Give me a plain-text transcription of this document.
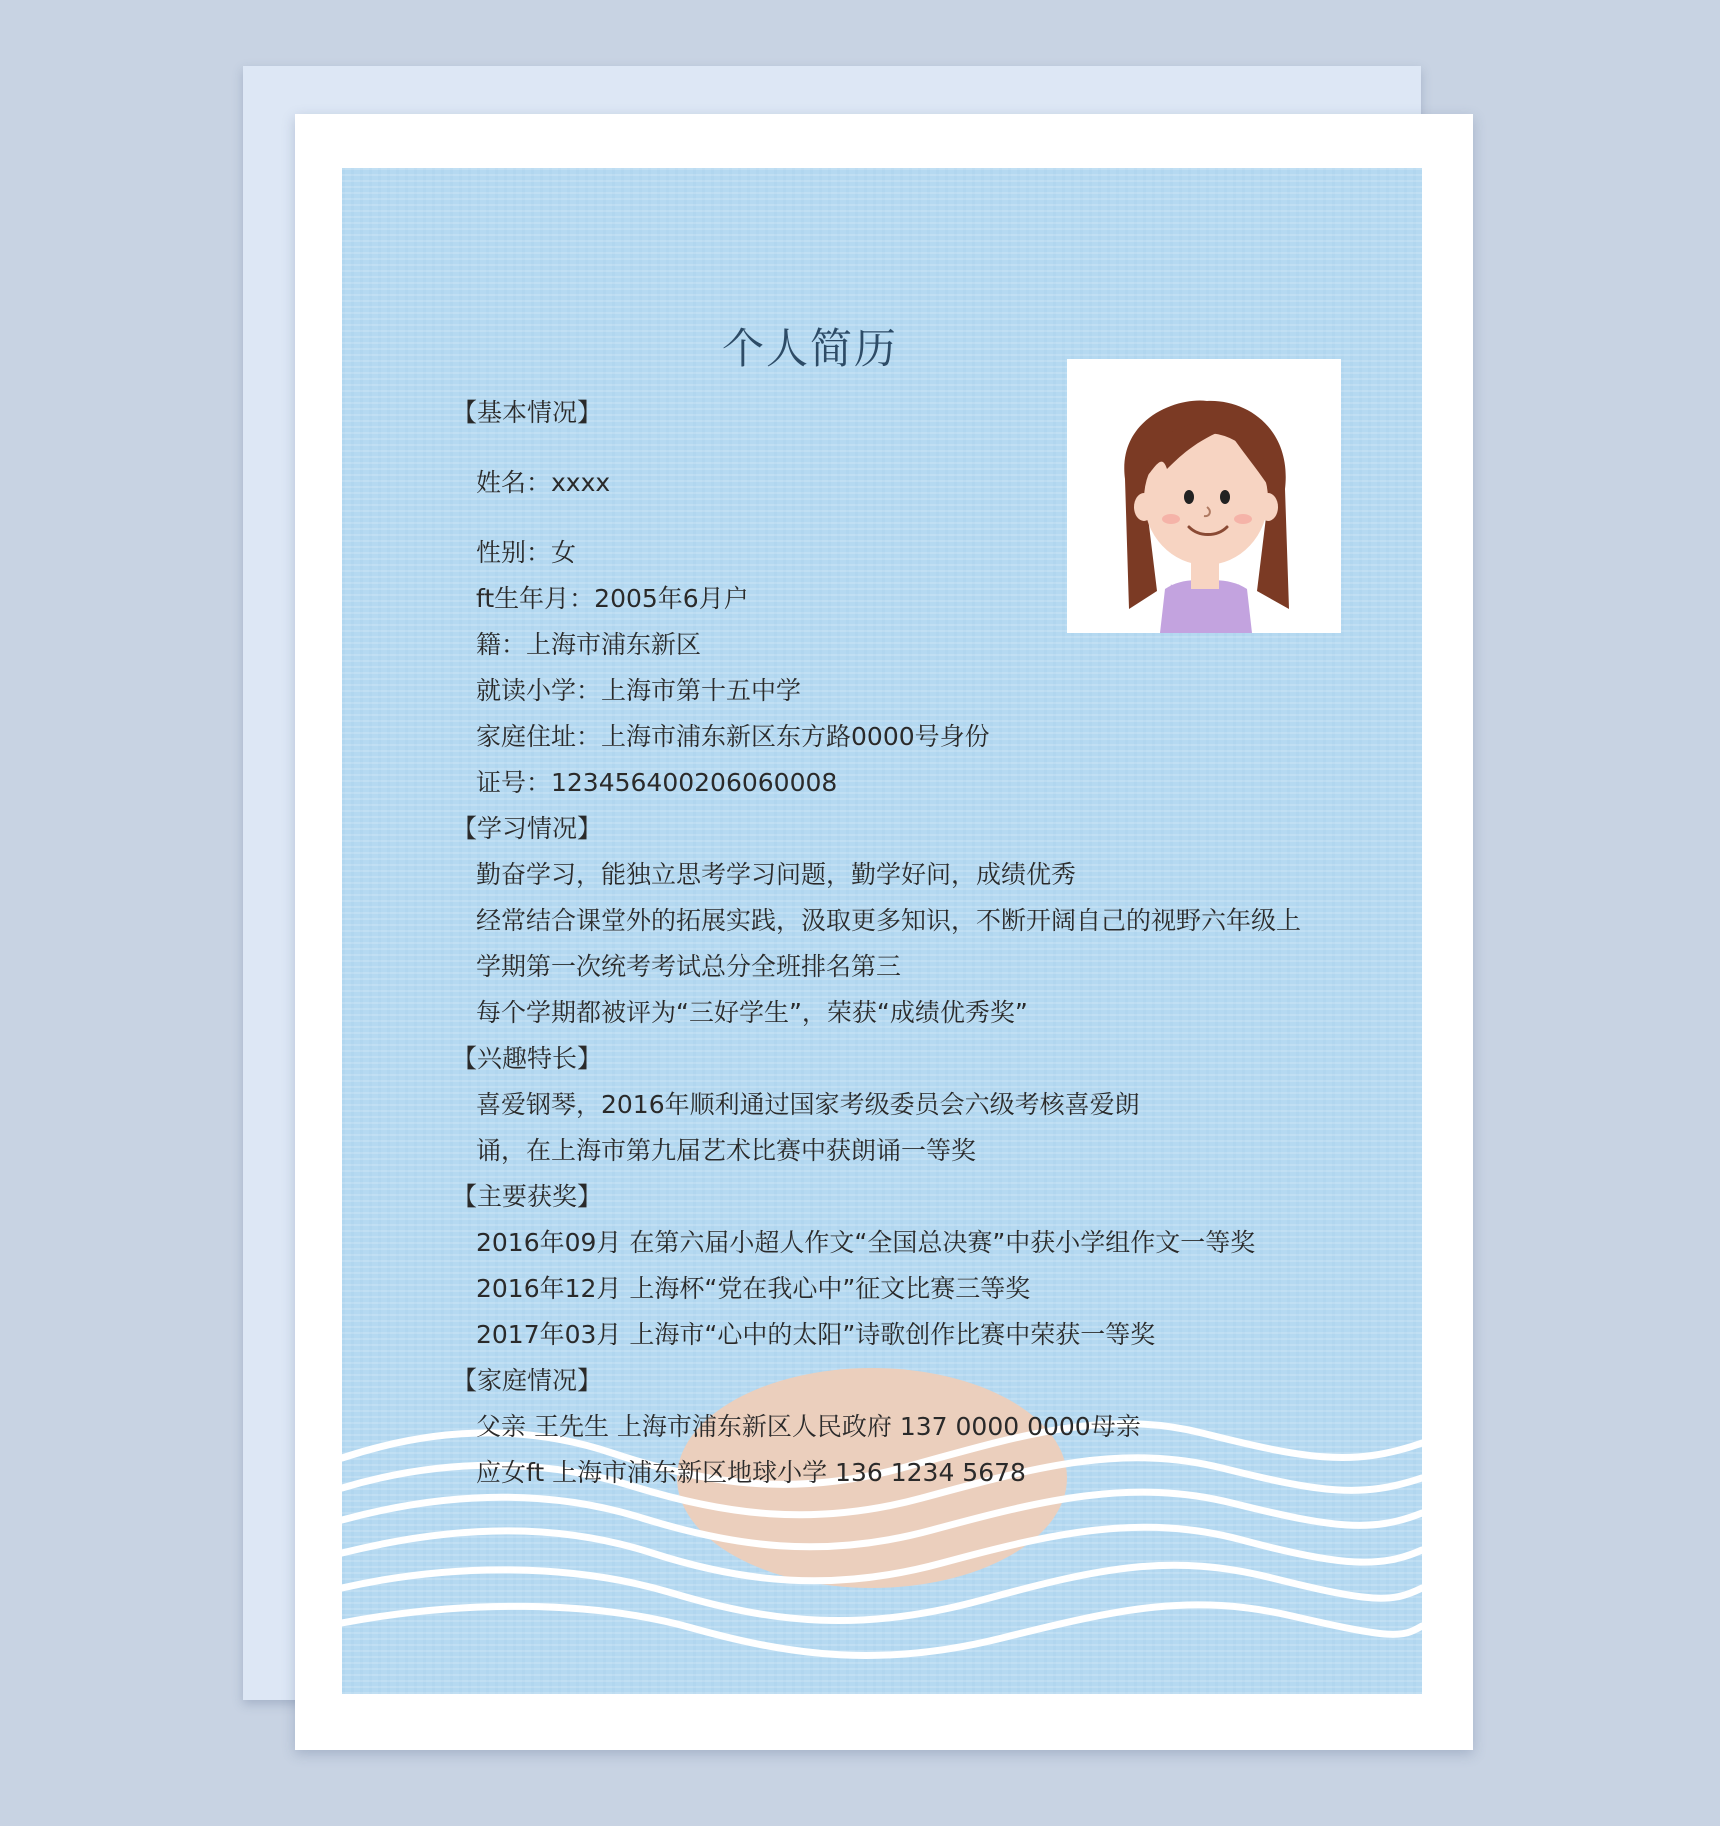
个人简历
【基本情况】
姓名：xxxx
性别：女
ft生年月：2005年6月户
籍：上海市浦东新区
就读小学：上海市第十五中学
家庭住址：上海市浦东新区东方路0000号身份
证号：123456400206060008
【学习情况】
勤奋学习，能独立思考学习问题，勤学好问，成绩优秀
经常结合课堂外的拓展实践，汲取更多知识，不断开阔自己的视野六年级上
学期第一次统考考试总分全班排名第三
每个学期都被评为“三好学生”，荣获“成绩优秀奖”
【兴趣特长】
喜爱钢琴，2016年顺利通过国家考级委员会六级考核喜爱朗
诵，在上海市第九届艺术比赛中获朗诵一等奖
【主要获奖】
2016年09月 在第六届小超人作文“全国总决赛”中获小学组作文一等奖
2016年12月 上海杯“党在我心中”征文比赛三等奖
2017年03月 上海市“心中的太阳”诗歌创作比赛中荣获一等奖
【家庭情况】
父亲 王先生 上海市浦东新区人民政府 137 0000 0000母亲
应女ft 上海市浦东新区地球小学 136 1234 5678
